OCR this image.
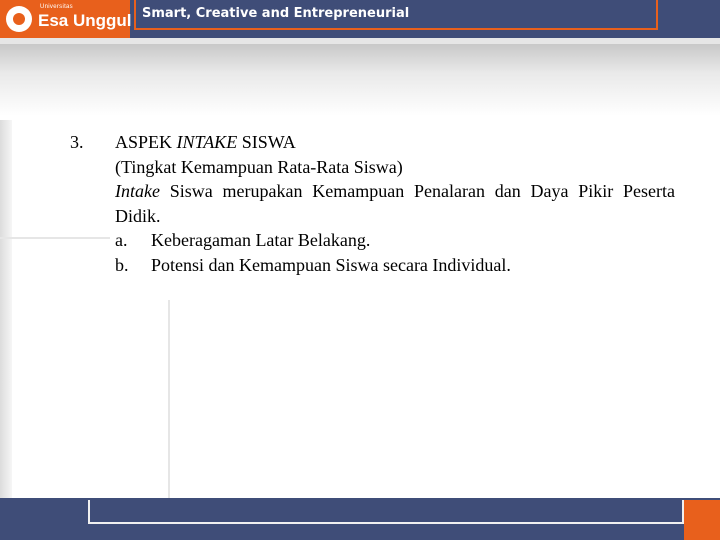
Universitas
Esa Unggul Smart, Creative and Entrepreneurial
3.	ASPEK INTAKE SISWA

(Tingkat Kemampuan Rata-Rata Siswa)

Intake Siswa merupakan Kemampuan Penalaran dan Daya Pikir Peserta Didik.

a.	Keberagaman Latar Belakang.
b.	Potensi dan Kemampuan Siswa secara Individual.
